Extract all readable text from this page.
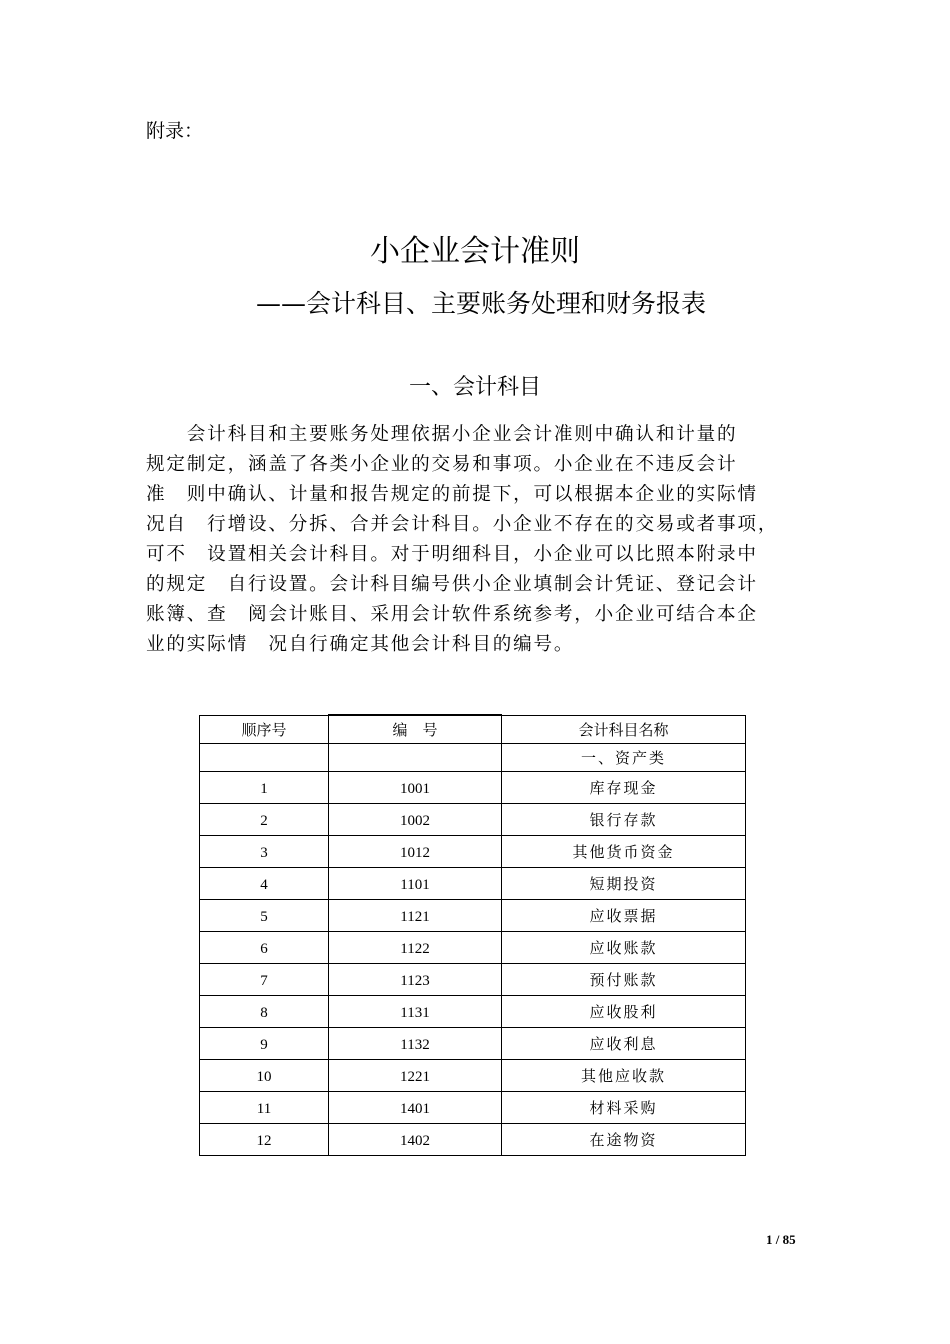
附录：
小企业会计准则
——会计科目、主要账务处理和财务报表
一、会计科目
　　会计科目和主要账务处理依据小企业会计准则中确认和计量的
规定制定，涵盖了各类小企业的交易和事项。小企业在不违反会计
准　则中确认、计量和报告规定的前提下，可以根据本企业的实际情
况自　行增设、分拆、合并会计科目。小企业不存在的交易或者事项，
可不　设置相关会计科目。对于明细科目，小企业可以比照本附录中
的规定　自行设置。会计科目编号供小企业填制会计凭证、登记会计
账簿、查　阅会计账目、采用会计软件系统参考，小企业可结合本企
业的实际情　况自行确定其他会计科目的编号。
顺序号	编　号	会计科目名称
		一、资产类
1	1001	库存现金
2	1002	银行存款
3	1012	其他货币资金
4	1101	短期投资
5	1121	应收票据
6	1122	应收账款
7	1123	预付账款
8	1131	应收股利
9	1132	应收利息
10	1221	其他应收款
11	1401	材料采购
12	1402	在途物资
1 / 85
